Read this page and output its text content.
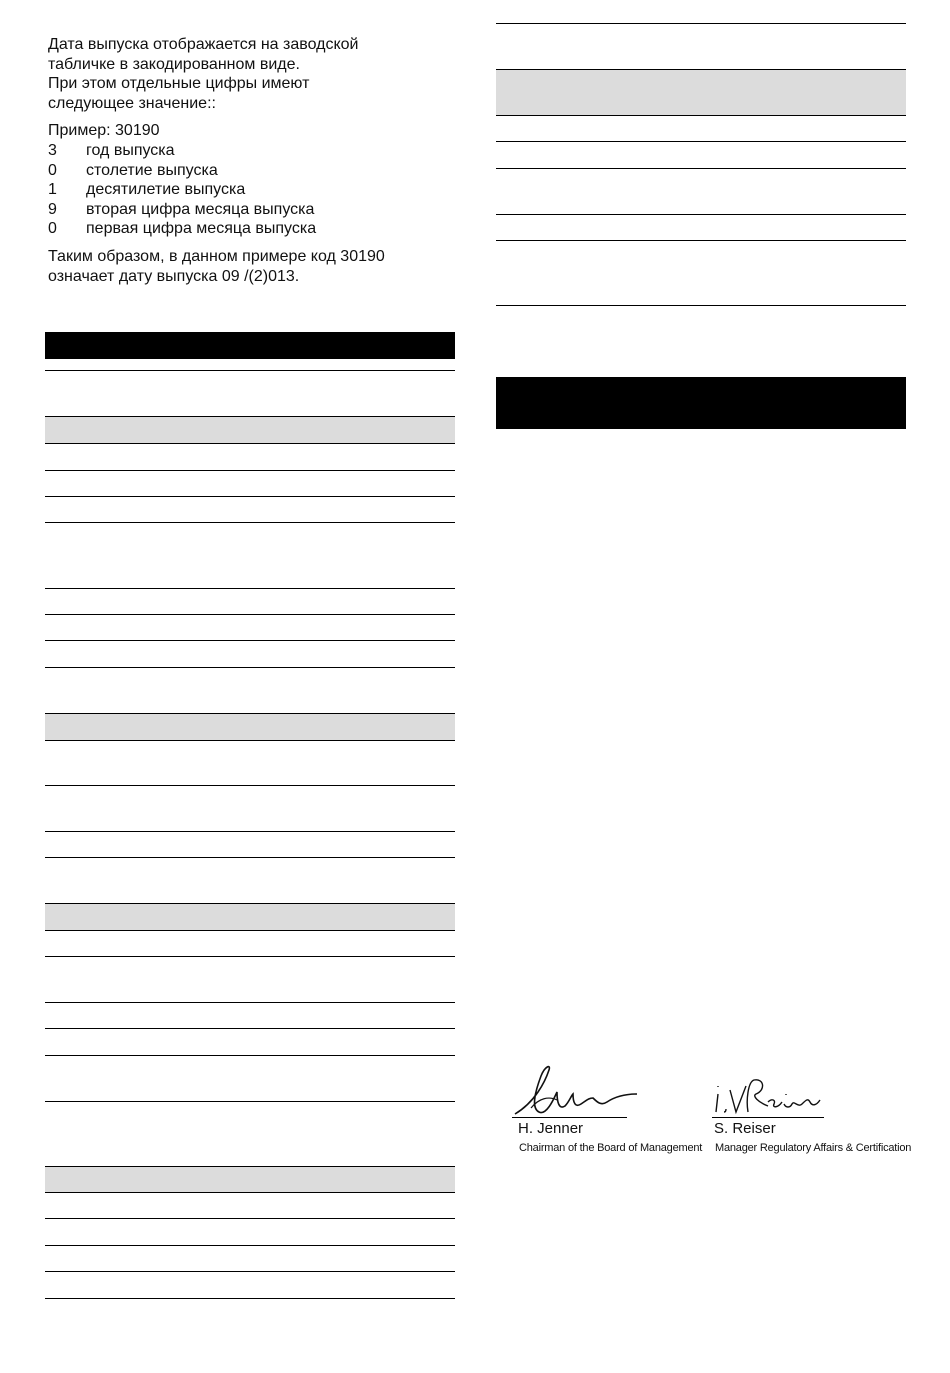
Дата выпуска отображается на заводской
табличке в закодированном виде.
При этом отдельные цифры имеют
следующее значение::

Пример: 30190

3	год выпуска
0	столетие выпуска
1	десятилетие выпуска
9	вторая цифра месяца выпуска
0	первая цифра месяца выпуска

Таким образом, в данном примере код 30190
означает дату выпуска 09 /(2)013.

H. Jenner
Chairman of the Board of Management
S. Reiser
Manager Regulatory Affairs & Certification
